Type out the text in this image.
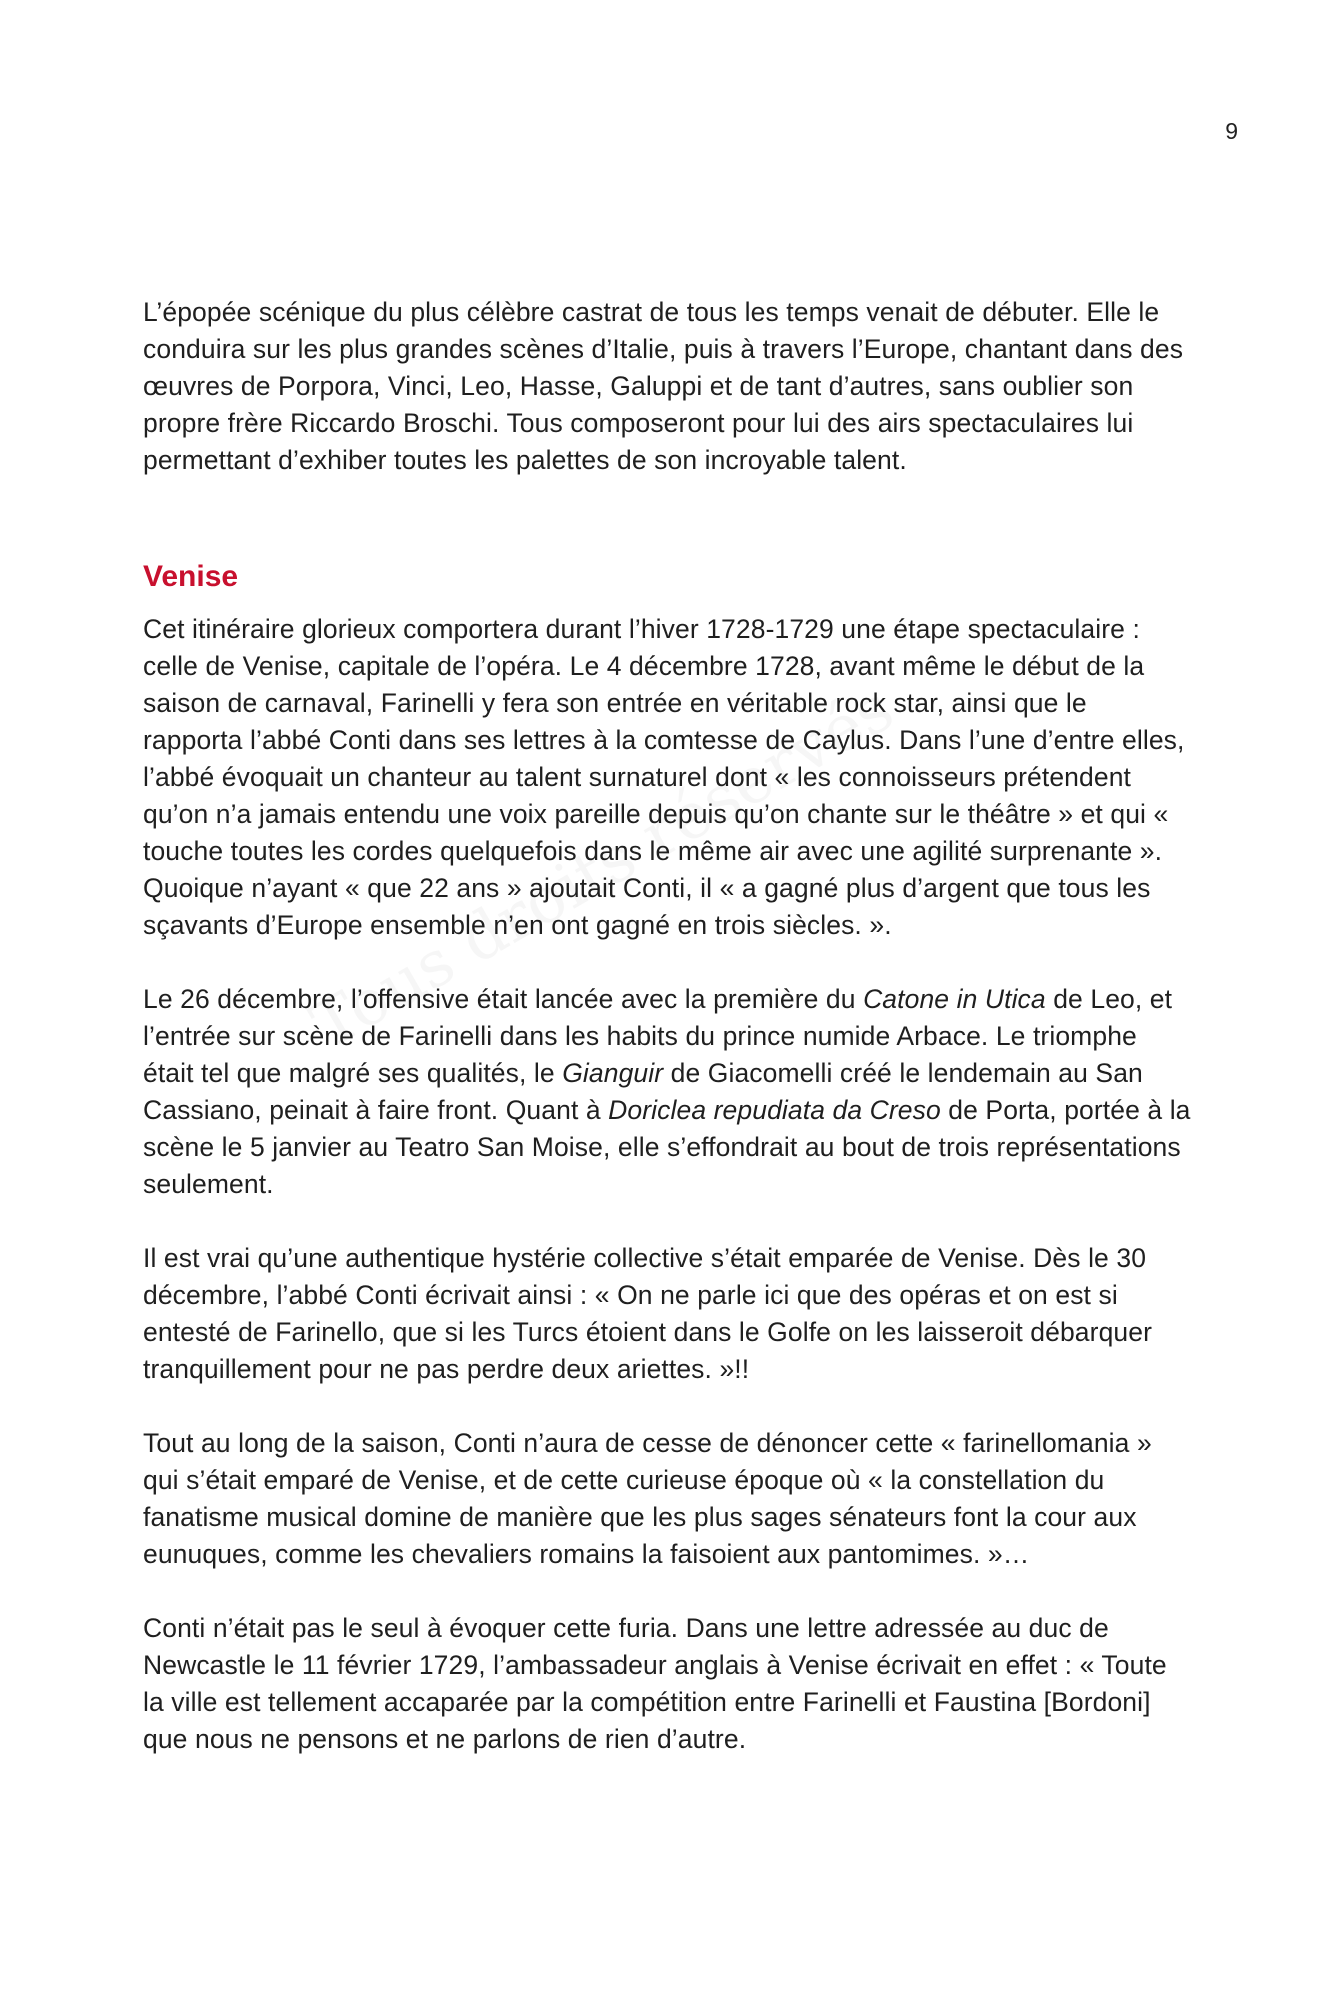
9

L’épopée scénique du plus célèbre castrat de tous les temps venait de débuter. Elle le conduira sur les plus grandes scènes d’Italie, puis à travers l’Europe, chantant dans des œuvres de Porpora, Vinci, Leo, Hasse, Galuppi et de tant d’autres, sans oublier son propre frère Riccardo Broschi. Tous composeront pour lui des airs spectaculaires lui permettant d’exhiber toutes les palettes de son incroyable talent.

Venise

Cet itinéraire glorieux comportera durant l’hiver 1728-1729 une étape spectaculaire : celle de Venise, capitale de l’opéra. Le 4 décembre 1728, avant même le début de la saison de carnaval, Farinelli y fera son entrée en véritable rock star, ainsi que le rapporta l’abbé Conti dans ses lettres à la comtesse de Caylus. Dans l’une d’entre elles, l’abbé évoquait un chanteur au talent surnaturel dont « les connoisseurs prétendent qu’on n’a jamais entendu une voix pareille depuis qu’on chante sur le théâtre » et qui « touche toutes les cordes quelquefois dans le même air avec une agilité surprenante ». Quoique n’ayant « que 22 ans » ajoutait Conti, il « a gagné plus d’argent que tous les sçavants d’Europe ensemble n’en ont gagné en trois siècles. ».

Le 26 décembre, l’offensive était lancée avec la première du Catone in Utica de Leo, et l’entrée sur scène de Farinelli dans les habits du prince numide Arbace. Le triomphe était tel que malgré ses qualités, le Gianguir de Giacomelli créé le lendemain au San Cassiano, peinait à faire front. Quant à Doriclea repudiata da Creso de Porta, portée à la scène le 5 janvier au Teatro San Moise, elle s’effondrait au bout de trois représentations seulement.

Il est vrai qu’une authentique hystérie collective s’était emparée de Venise. Dès le 30 décembre, l’abbé Conti écrivait ainsi : « On ne parle ici que des opéras et on est si entesté de Farinello, que si les Turcs étoient dans le Golfe on les laisseroit débarquer tranquillement pour ne pas perdre deux ariettes. »!!

Tout au long de la saison, Conti n’aura de cesse de dénoncer cette « farinellomania » qui s’était emparé de Venise, et de cette curieuse époque où « la constellation du fanatisme musical domine de manière que les plus sages sénateurs font la cour aux eunuques, comme les chevaliers romains la faisoient aux pantomimes. »…

Conti n’était pas le seul à évoquer cette furia. Dans une lettre adressée au duc de Newcastle le 11 février 1729, l’ambassadeur anglais à Venise écrivait en effet : « Toute la ville est tellement accaparée par la compétition entre Farinelli et Faustina [Bordoni] que nous ne pensons et ne parlons de rien d’autre.
